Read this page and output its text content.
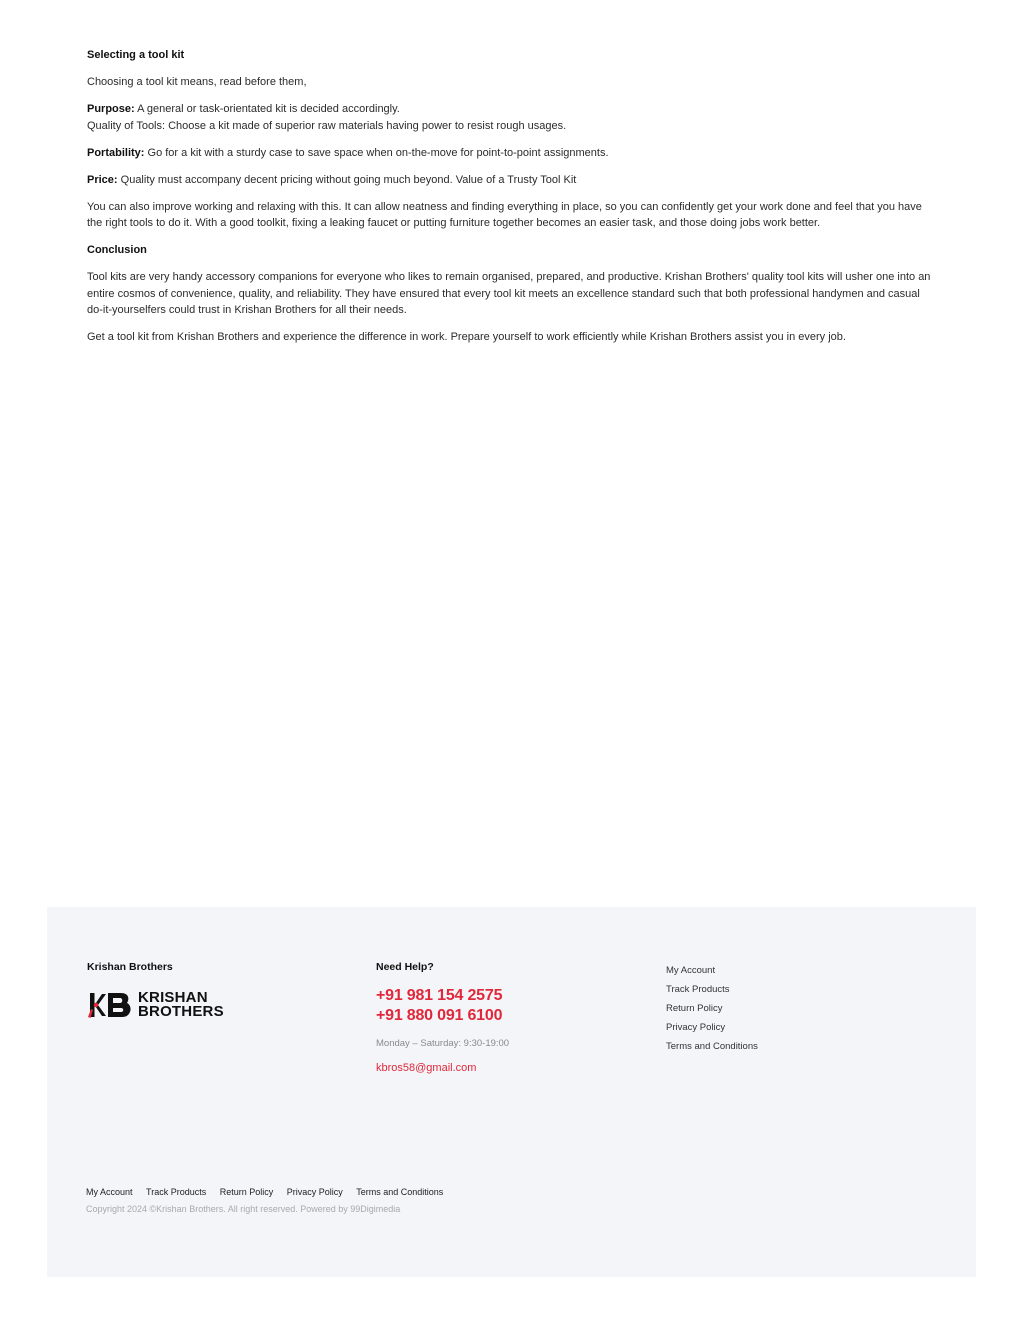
Selecting a tool kit

Choosing a tool kit means, read before them,

Purpose: A general or task-orientated kit is decided accordingly.
Quality of Tools: Choose a kit made of superior raw materials having power to resist rough usages.

Portability: Go for a kit with a sturdy case to save space when on-the-move for point-to-point assignments.

Price: Quality must accompany decent pricing without going much beyond. Value of a Trusty Tool Kit

You can also improve working and relaxing with this. It can allow neatness and finding everything in place, so you can confidently get your work done and feel that you have the right tools to do it. With a good toolkit, fixing a leaking faucet or putting furniture together becomes an easier task, and those doing jobs work better.

Conclusion

Tool kits are very handy accessory companions for everyone who likes to remain organised, prepared, and productive. Krishan Brothers' quality tool kits will usher one into an entire cosmos of convenience, quality, and reliability. They have ensured that every tool kit meets an excellence standard such that both professional handymen and casual do-it-yourselfers could trust in Krishan Brothers for all their needs.

Get a tool kit from Krishan Brothers and experience the difference in work. Prepare yourself to work efficiently while Krishan Brothers assist you in every job.

Krishan Brothers
KRISHAN
BROTHERS
Need Help?
+91 981 154 2575
+91 880 091 6100
Monday – Saturday: 9:30-19:00
kbros58@gmail.com
My Account
Track Products
Return Policy
Privacy Policy
Terms and Conditions
My Account Track Products Return Policy Privacy Policy Terms and Conditions
Copyright 2024 ©Krishan Brothers. All right reserved. Powered by 99Digimedia
